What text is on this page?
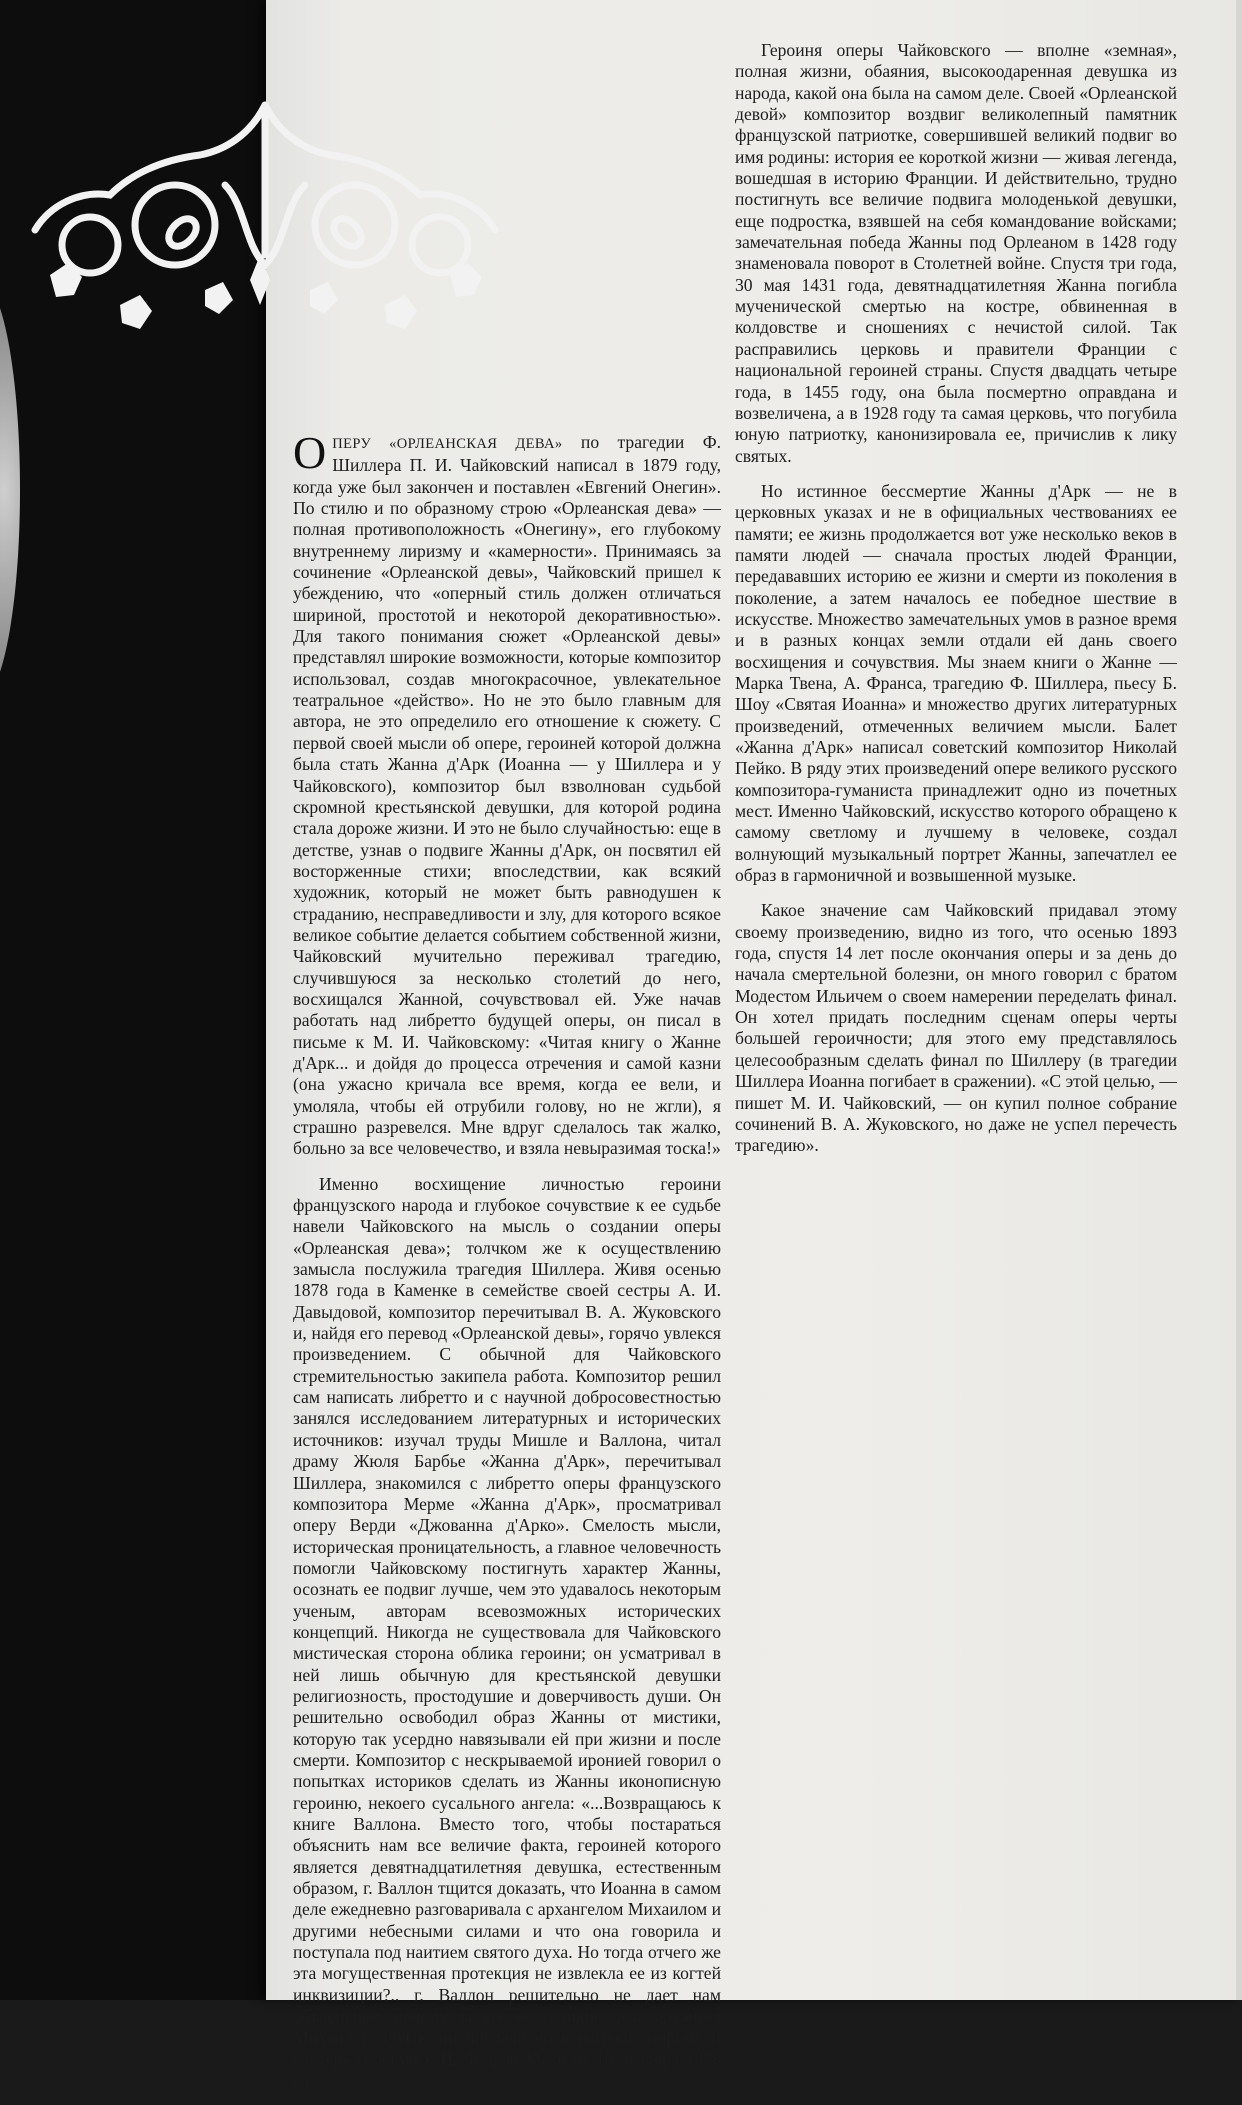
ОПЕРУ «ОРЛЕАНСКАЯ ДЕВА» по трагедии Ф. Шиллера П. И. Чайковский написал в 1879 году, когда уже был закончен и поставлен «Евгений Онегин». По стилю и по образному строю «Орлеанская дева» — полная противоположность «Онегину», его глубокому внутреннему лиризму и «камерности». Принимаясь за сочинение «Орлеанской девы», Чайковский пришел к убеждению, что «оперный стиль должен отличаться шириной, простотой и некоторой декоративностью». Для такого понимания сюжет «Орлеанской девы» представлял широкие возможности, которые композитор использовал, создав многокрасочное, увлекательное театральное «действо». Но не это было главным для автора, не это определило его отношение к сюжету. С первой своей мысли об опере, героиней которой должна была стать Жанна д'Арк (Иоанна — у Шиллера и у Чайковского), композитор был взволнован судьбой скромной крестьянской девушки, для которой родина стала дороже жизни. И это не было случайностью: еще в детстве, узнав о подвиге Жанны д'Арк, он посвятил ей восторженные стихи; впоследствии, как всякий художник, который не может быть равнодушен к страданию, несправедливости и злу, для которого всякое великое событие делается событием собственной жизни, Чайковский мучительно переживал трагедию, случившуюся за несколько столетий до него, восхищался Жанной, сочувствовал ей. Уже начав работать над либретто будущей оперы, он писал в письме к М. И. Чайковскому: «Читая книгу о Жанне д'Арк... и дойдя до процесса отречения и самой казни (она ужасно кричала все время, когда ее вели, и умоляла, чтобы ей отрубили голову, но не жгли), я страшно разревелся. Мне вдруг сделалось так жалко, больно за все человечество, и взяла невыразимая тоска!»

Именно восхищение личностью героини французского народа и глубокое сочувствие к ее судьбе навели Чайковского на мысль о создании оперы «Орлеанская дева»; толчком же к осуществлению замысла послужила трагедия Шиллера. Живя осенью 1878 года в Каменке в семействе своей сестры А. И. Давыдовой, композитор перечитывал В. А. Жуковского и, найдя его перевод «Орлеанской девы», горячо увлекся произведением. С обычной для Чайковского стремительностью закипела работа. Композитор решил сам написать либретто и с научной добросовестностью занялся исследованием литературных и исторических источников: изучал труды Мишле и Валлона, читал драму Жюля Барбье «Жанна д'Арк», перечитывал Шиллера, знакомился с либретто оперы французского композитора Мерме «Жанна д'Арк», просматривал оперу Верди «Джованна д'Арко». Смелость мысли, историческая проницательность, а главное человечность помогли Чайковскому постигнуть характер Жанны, осознать ее подвиг лучше, чем это удавалось некоторым ученым, авторам всевозможных исторических концепций. Никогда не существовала для Чайковского мистическая сторона облика героини; он усматривал в ней лишь обычную для крестьянской девушки религиозность, простодушие и доверчивость души. Он решительно освободил образ Жанны от мистики, которую так усердно навязывали ей при жизни и после смерти. Композитор с нескрываемой иронией говорил о попытках историков сделать из Жанны иконописную героиню, некоего сусального ангела: «...Возвращаюсь к книге Валлона. Вместо того, чтобы постараться объяснить нам все величие факта, героиней которого является девятнадцатилетняя девушка, естественным образом, г. Валлон тщится доказать, что Иоанна в самом деле ежедневно разговаривала с архангелом Михаилом и другими небесными силами и что она говорила и поступала под наитием святого духа. Но тогда отчего же эта могущественная протекция не извлекла ее из когтей инквизиции?.. г. Валлон решительно не дает нам объяснения, почему за все ее великие дела архангел Михаил и другие ниспослали ей в награду тюрьму и костер» (письмо к Н. Ф. фон Мекк от 10 декабря 1878 г.).

Героиня оперы Чайковского — вполне «земная», полная жизни, обаяния, высокоодаренная девушка из народа, какой она была на самом деле. Своей «Орлеанской девой» композитор воздвиг великолепный памятник французской патриотке, совершившей великий подвиг во имя родины: история ее короткой жизни — живая легенда, вошедшая в историю Франции. И действительно, трудно постигнуть все величие подвига молоденькой девушки, еще подростка, взявшей на себя командование войсками; замечательная победа Жанны под Орлеаном в 1428 году знаменовала поворот в Столетней войне. Спустя три года, 30 мая 1431 года, девятнадцатилетняя Жанна погибла мученической смертью на костре, обвиненная в колдовстве и сношениях с нечистой силой. Так расправились церковь и правители Франции с национальной героиней страны. Спустя двадцать четыре года, в 1455 году, она была посмертно оправдана и возвеличена, а в 1928 году та самая церковь, что погубила юную патриотку, канонизировала ее, причислив к лику святых.

Но истинное бессмертие Жанны д'Арк — не в церковных указах и не в официальных чествованиях ее памяти; ее жизнь продолжается вот уже несколько веков в памяти людей — сначала простых людей Франции, передававших историю ее жизни и смерти из поколения в поколение, а затем началось ее победное шествие в искусстве. Множество замечательных умов в разное время и в разных концах земли отдали ей дань своего восхищения и сочувствия. Мы знаем книги о Жанне — Марка Твена, А. Франса, трагедию Ф. Шиллера, пьесу Б. Шоу «Святая Иоанна» и множество других литературных произведений, отмеченных величием мысли. Балет «Жанна д'Арк» написал советский композитор Николай Пейко. В ряду этих произведений опере великого русского композитора-гуманиста принадлежит одно из почетных мест. Именно Чайковский, искусство которого обращено к самому светлому и лучшему в человеке, создал волнующий музыкальный портрет Жанны, запечатлел ее образ в гармоничной и возвышенной музыке.

Какое значение сам Чайковский придавал этому своему произведению, видно из того, что осенью 1893 года, спустя 14 лет после окончания оперы и за день до начала смертельной болезни, он много говорил с братом Модестом Ильичем о своем намерении переделать финал. Он хотел придать последним сценам оперы черты большей героичности; для этого ему представлялось целесообразным сделать финал по Шиллеру (в трагедии Шиллера Иоанна погибает в сражении). «С этой целью, — пишет М. И. Чайковский, — он купил полное собрание сочинений В. А. Жуковского, но даже не успел перечесть трагедию».
